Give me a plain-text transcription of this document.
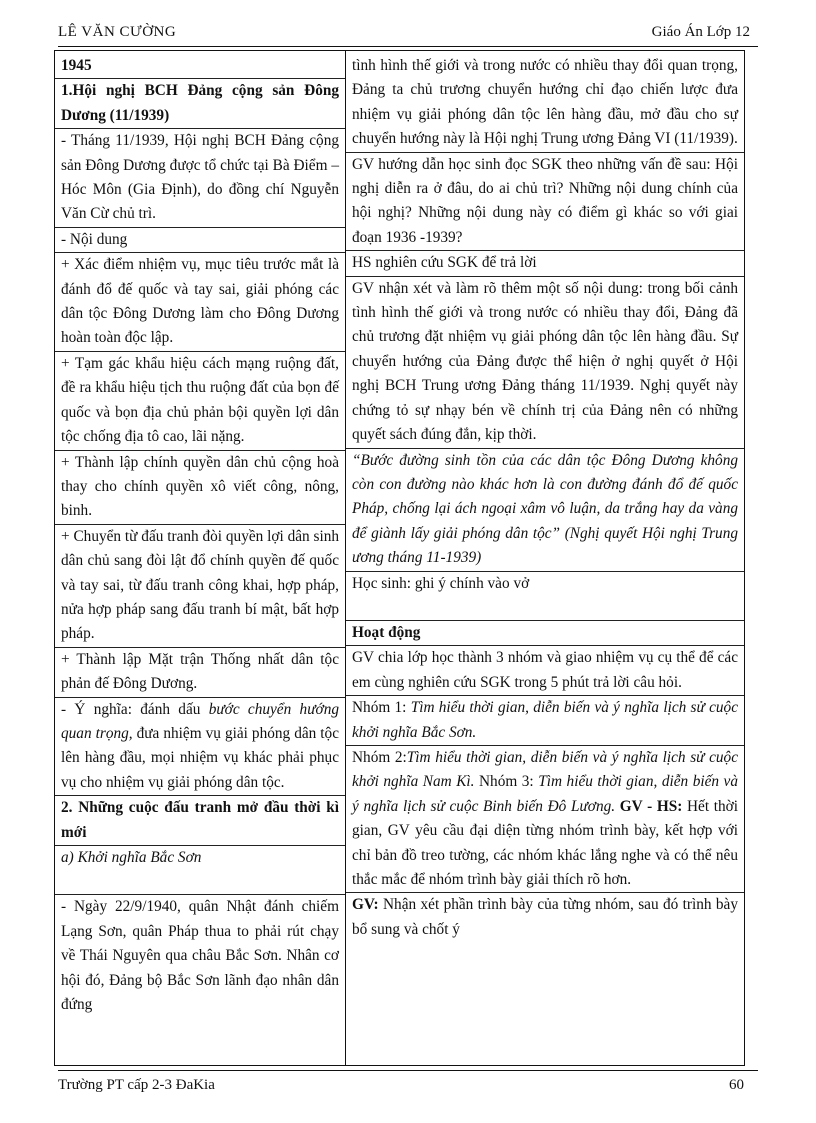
LÊ VĂN CƯỜNG	Giáo Án Lớp 12

1945

1.Hội nghị BCH Đảng cộng sản Đông Dương (11/1939)

- Tháng 11/1939, Hội nghị BCH Đảng cộng sản Đông Dương được tổ chức tại Bà Điểm – Hóc Môn (Gia Định), do đồng chí Nguyễn Văn Cừ chủ trì.

- Nội dung

+ Xác điểm nhiệm vụ, mục tiêu trước mắt là đánh đổ đế quốc và tay sai, giải phóng các dân tộc Đông Dương làm cho Đông Dương hoàn toàn độc lập.

+ Tạm gác khẩu hiệu cách mạng ruộng đất, đề ra khẩu hiệu tịch thu ruộng đất của bọn đế quốc và bọn địa chủ phản bội quyền lợi dân tộc chống địa tô cao, lãi nặng.

+ Thành lập chính quyền dân chủ cộng hoà thay cho chính quyền xô viết công, nông, binh.

+ Chuyển từ đấu tranh đòi quyền lợi dân sinh dân chủ sang đòi lật đổ chính quyền đế quốc và tay sai, từ đấu tranh công khai, hợp pháp, nửa hợp pháp sang đấu tranh bí mật, bất hợp pháp.

+ Thành lập Mặt trận Thống nhất dân tộc phản đế Đông Dương.

- Ý nghĩa: đánh dấu bước chuyển hướng quan trọng, đưa nhiệm vụ giải phóng dân tộc lên hàng đầu, mọi nhiệm vụ khác phải phục vụ cho nhiệm vụ giải phóng dân tộc.

2. Những cuộc đấu tranh mở đầu thời kì mới

a) Khởi nghĩa Bắc Sơn

- Ngày 22/9/1940, quân Nhật đánh chiếm Lạng Sơn, quân Pháp thua to phải rút chạy về Thái Nguyên qua châu Bắc Sơn. Nhân cơ hội đó, Đảng bộ Bắc Sơn lãnh đạo nhân dân đứng

tình hình thế giới và trong nước có nhiều thay đổi quan trọng, Đảng ta chủ trương chuyển hướng chỉ đạo chiến lược đưa nhiệm vụ giải phóng dân tộc lên hàng đầu, mở đầu cho sự chuyển hướng này là Hội nghị Trung ương Đảng VI (11/1939).

GV hướng dẫn học sinh đọc SGK theo những vấn đề sau: Hội nghị diễn ra ở đâu, do ai chủ trì? Những nội dung chính của hội nghị? Những nội dung này có điểm gì khác so với giai đoạn 1936 -1939?

HS nghiên cứu SGK để trả lời

GV nhận xét và làm rõ thêm một số nội dung: trong bối cảnh tình hình thế giới và trong nước có nhiều thay đổi, Đảng đã chủ trương đặt nhiệm vụ giải phóng dân tộc lên hàng đầu. Sự chuyển hướng của Đảng được thể hiện ở nghị quyết ở Hội nghị BCH Trung ương Đảng tháng 11/1939. Nghị quyết này chứng tỏ sự nhạy bén về chính trị của Đảng nên có những quyết sách đúng đắn, kịp thời.

“Bước đường sinh tồn của các dân tộc Đông Dương không còn con đường nào khác hơn là con đường đánh đổ đế quốc Pháp, chống lại ách ngoại xâm vô luận, da trắng hay da vàng để giành lấy giải phóng dân tộc” (Nghị quyết Hội nghị Trung ương tháng 11-1939)

Học sinh: ghi ý chính vào vở

Hoạt động

GV chia lớp học thành 3 nhóm và giao nhiệm vụ cụ thể để các em cùng nghiên cứu SGK trong 5 phút trả lời câu hỏi.

Nhóm 1: Tìm hiểu thời gian, diễn biến và ý nghĩa lịch sử cuộc khởi nghĩa Bắc Sơn.

Nhóm 2:Tìm hiểu thời gian, diễn biến và ý nghĩa lịch sử cuộc khởi nghĩa Nam Kì. Nhóm 3: Tìm hiểu thời gian, diễn biến và ý nghĩa lịch sử cuộc Binh biến Đô Lương. GV - HS: Hết thời gian, GV yêu cầu đại diện từng nhóm trình bày, kết hợp với chỉ bản đồ treo tường, các nhóm khác lắng nghe và có thể nêu thắc mắc để nhóm trình bày giải thích rõ hơn.

GV: Nhận xét phần trình bày của từng nhóm, sau đó trình bày bổ sung và chốt ý

Trường PT cấp 2-3 ĐaKia	60
